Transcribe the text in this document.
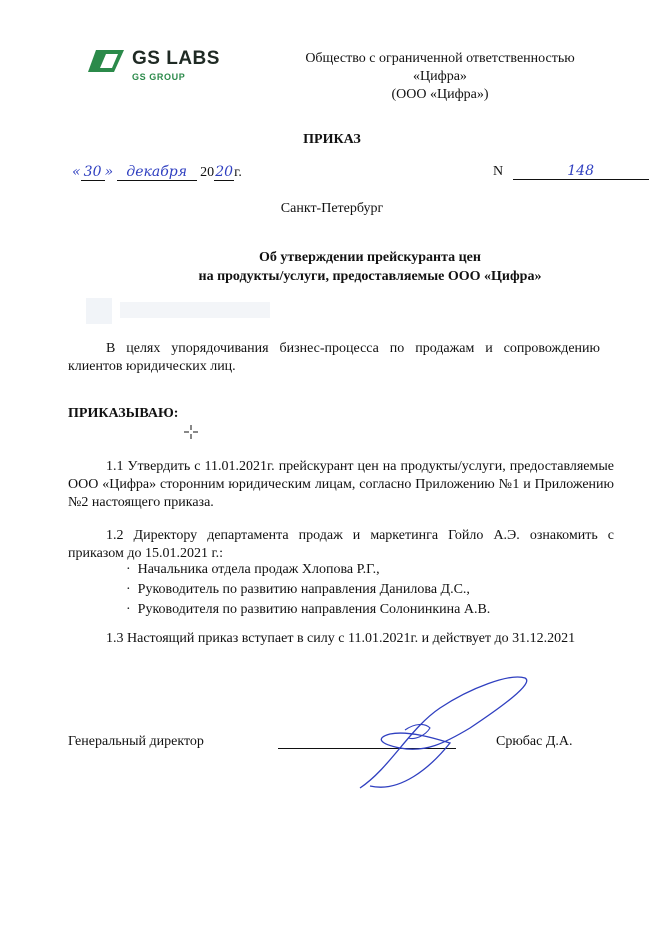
GS LABS
GS GROUP
Общество с ограниченной ответственностью
«Цифра»
(ООО «Цифра»)
ПРИКАЗ
« 30 » декабря 2020г.	N	148
Санкт-Петербург
Об утверждении прейскуранта цен
на продукты/услуги, предоставляемые ООО «Цифра»
В целях упорядочивания бизнес-процесса по продажам и сопровождению клиентов юридических лиц.
ПРИКАЗЫВАЮ:
1.1 Утвердить с 11.01.2021г. прейскурант цен на продукты/услуги, предоставляемые ООО «Цифра» сторонним юридическим лицам, согласно Приложению №1 и Приложению №2 настоящего приказа.
1.2 Директору департамента продаж и маркетинга Гойло А.Э. ознакомить с приказом до 15.01.2021 г.:
·  Начальника отдела продаж Хлопова Р.Г.,
·  Руководитель по развитию направления Данилова Д.С.,
·  Руководителя по развитию направления Солонинкина А.В.
1.3 Настоящий приказ вступает в силу с 11.01.2021г. и действует до 31.12.2021
Генеральный директор	Срюбас Д.А.
